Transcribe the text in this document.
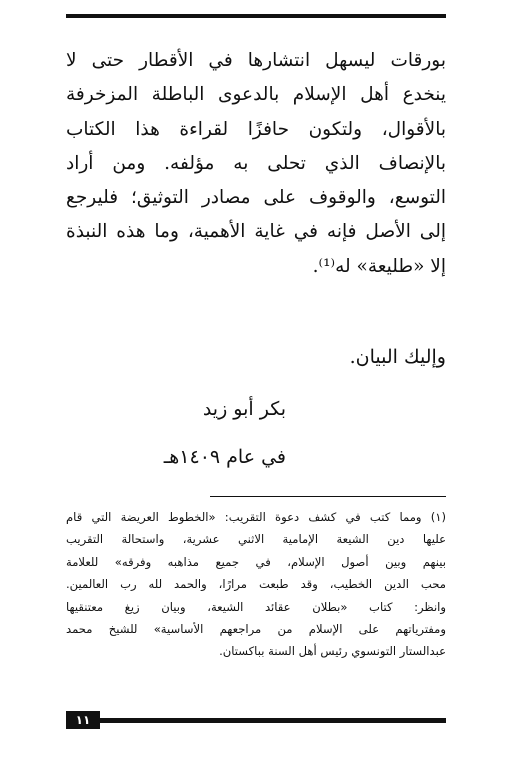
بورقات ليسهل انتشارها في الأقطار حتى لا
ينخدع أهل الإسلام بالدعوى الباطلة المزخرفة
بالأقوال، ولتكون حافزًا لقراءة هذا الكتاب
بالإنصاف الذي تحلى به مؤلفه. ومن أراد
التوسع، والوقوف على مصادر التوثيق؛ فليرجع
إلى الأصل فإنه في غاية الأهمية، وما هذه النبذة
إلا «طليعة» له⁽¹⁾.
وإليك البيان.
بكر أبو زيد
في عام ١٤٠٩هـ
(١) ومما كتب في كشف دعوة التقريب: «الخطوط العريضة التي قام
عليها دين الشيعة الإمامية الاثني عشرية، واستحالة التقريب
بينهم وبين أصول الإسلام، في جميع مذاهبه وفرقه» للعلامة
محب الدين الخطيب، وقد طبعت مرارًا، والحمد لله رب العالمين.
وانظر: كتاب «بطلان عقائد الشيعة، وبيان زيغ معتنقيها
ومفترياتهم على الإسلام من مراجعهم الأساسية» للشيخ محمد
عبدالستار التونسوي رئيس أهل السنة بباكستان.
١١
